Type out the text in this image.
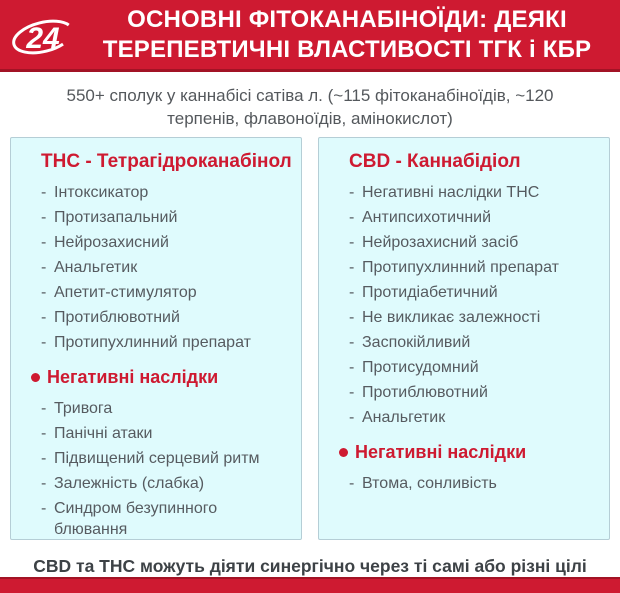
24
ОСНОВНІ ФІТОКАНАБІНОЇДИ: ДЕЯКІ
ТЕРЕПЕВТИЧНІ ВЛАСТИВОСТІ ТГК і КБР
550+ сполук у каннабісі сатіва л. (~115 фітоканабіноїдів, ~120 терпенів, флавоноїдів, амінокислот)
THC - Тетрагідроканабінол
- Інтоксикатор
- Протизапальний
- Нейрозахисний
- Анальгетик
- Апетит-стимулятор
- Протиблювотний
- Протипухлинний препарат
Негативні наслідки
- Тривога
- Панічні атаки
- Підвищений серцевий ритм
- Залежність (слабка)
- Синдром безупинного блювання
CBD - Каннабідіол
- Негативні наслідки THC
- Антипсихотичний
- Нейрозахисний засіб
- Протипухлинний препарат
- Протидіабетичний
- Не викликає залежності
- Заспокійливий
- Протисудомний
- Протиблювотний
- Анальгетик
Негативні наслідки
- Втома, сонливість
CBD та THC можуть діяти синергічно через ті самі або різні цілі
